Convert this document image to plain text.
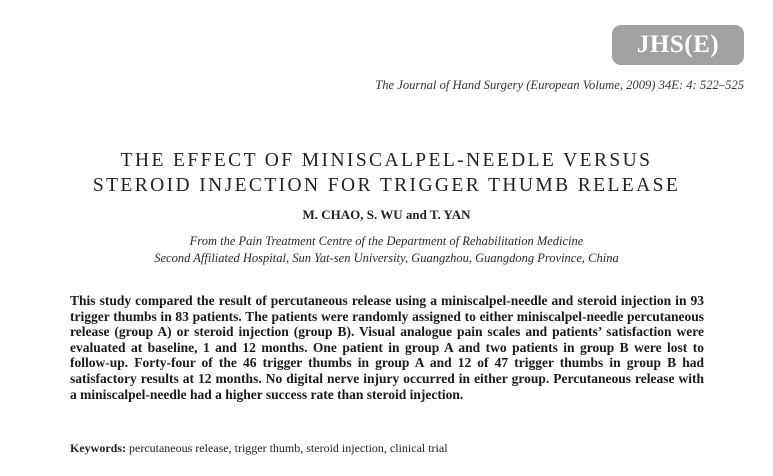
JHS(E)
The Journal of Hand Surgery (European Volume, 2009) 34E: 4: 522–525
THE EFFECT OF MINISCALPEL-NEEDLE VERSUS
STEROID INJECTION FOR TRIGGER THUMB RELEASE
M. CHAO, S. WU and T. YAN
From the Pain Treatment Centre of the Department of Rehabilitation Medicine
Second Affiliated Hospital, Sun Yat-sen University, Guangzhou, Guangdong Province, China

This study compared the result of percutaneous release using a miniscalpel-needle and steroid injection in 93 trigger thumbs in 83 patients. The patients were randomly assigned to either miniscalpel-needle percutaneous release (group A) or steroid injection (group B). Visual analogue pain scales and patients’ satisfaction were evaluated at baseline, 1 and 12 months. One patient in group A and two patients in group B were lost to follow-up. Forty-four of the 46 trigger thumbs in group A and 12 of 47 trigger thumbs in group B had satisfactory results at 12 months. No digital nerve injury occurred in either group. Percutaneous release with a miniscalpel-needle had a higher success rate than steroid injection.

Keywords: percutaneous release, trigger thumb, steroid injection, clinical trial
